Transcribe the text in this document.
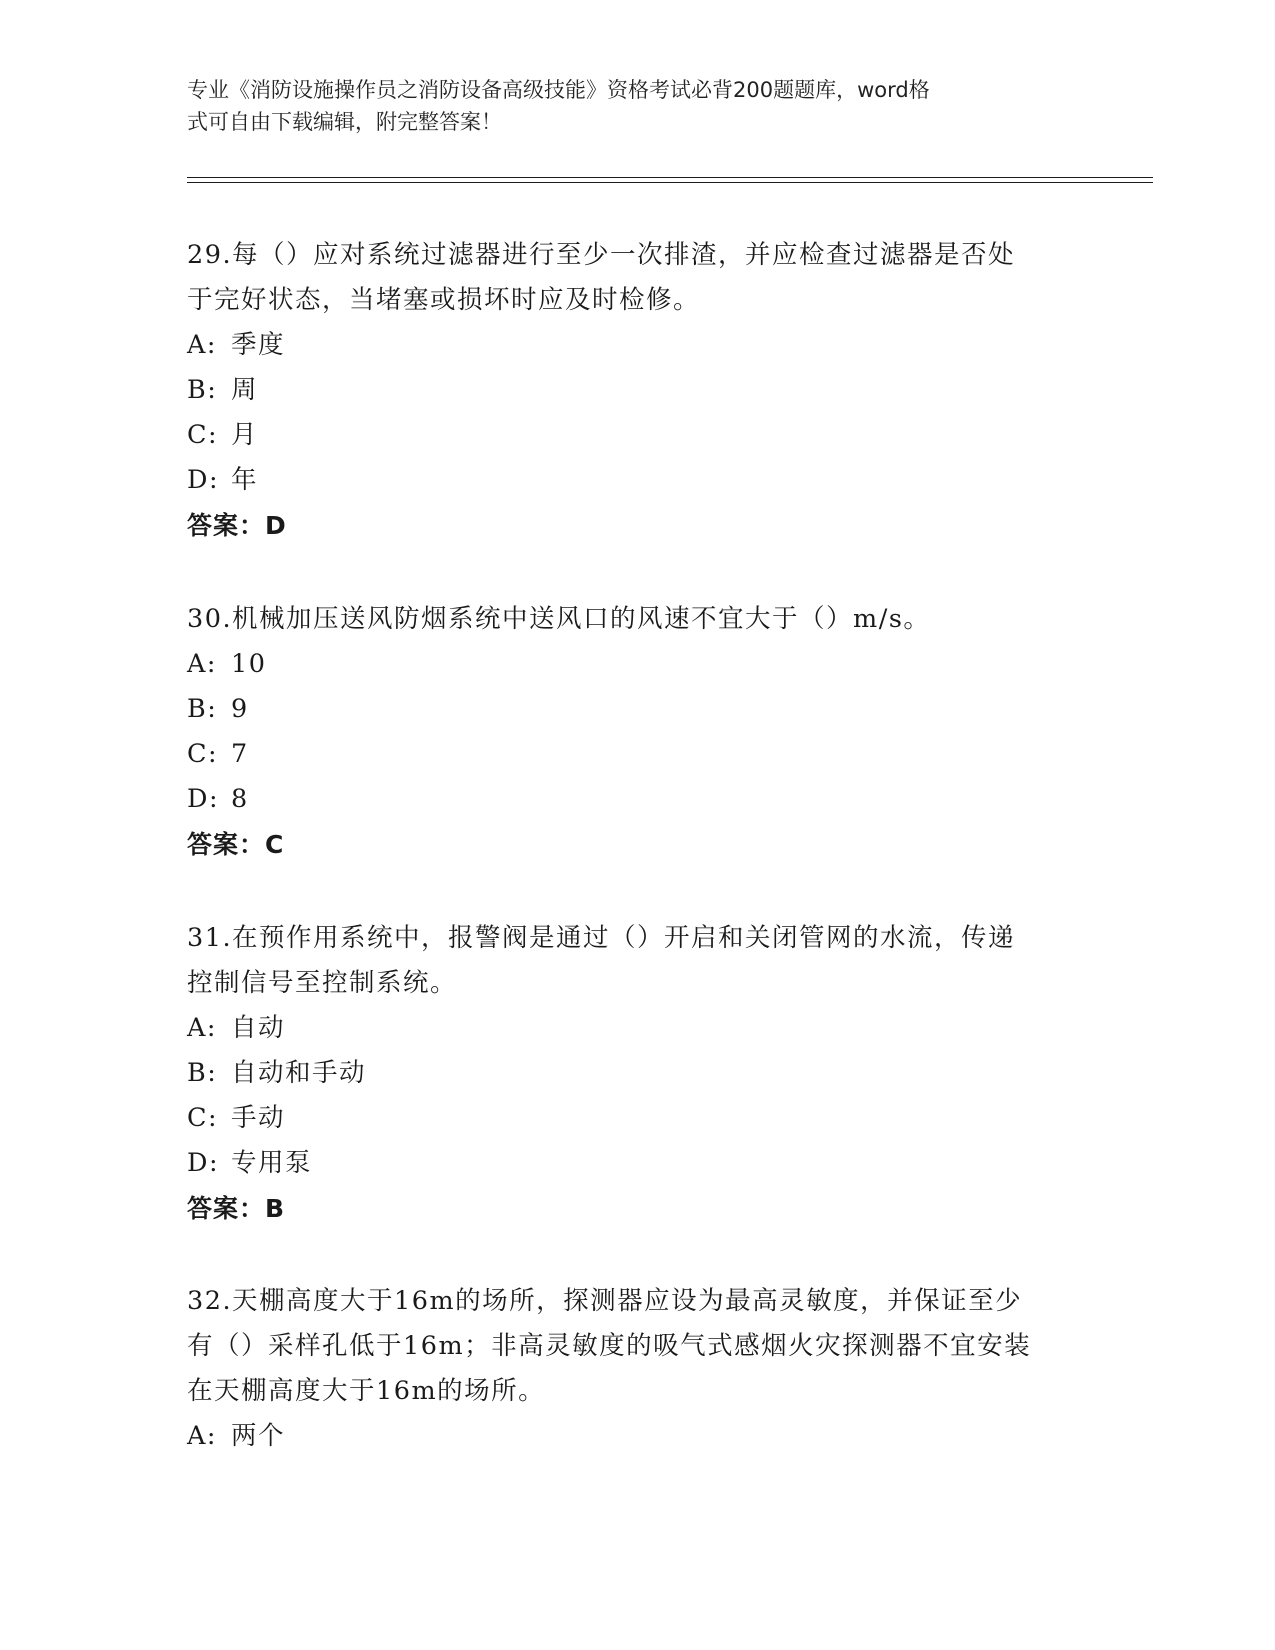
专业《消防设施操作员之消防设备高级技能》资格考试必背200题题库，word格
式可自由下载编辑，附完整答案！
29.每（）应对系统过滤器进行至少一次排渣，并应检查过滤器是否处
于完好状态，当堵塞或损坏时应及时检修。
A: 季度
B: 周
C: 月
D: 年
答案：D
30.机械加压送风防烟系统中送风口的风速不宜大于（）m/s。
A: 10
B: 9
C: 7
D: 8
答案：C
31.在预作用系统中，报警阀是通过（）开启和关闭管网的水流，传递
控制信号至控制系统。
A: 自动
B: 自动和手动
C: 手动
D: 专用泵
答案：B
32.天棚高度大于16m的场所，探测器应设为最高灵敏度，并保证至少
有（）采样孔低于16m；非高灵敏度的吸气式感烟火灾探测器不宜安装
在天棚高度大于16m的场所。
A: 两个
